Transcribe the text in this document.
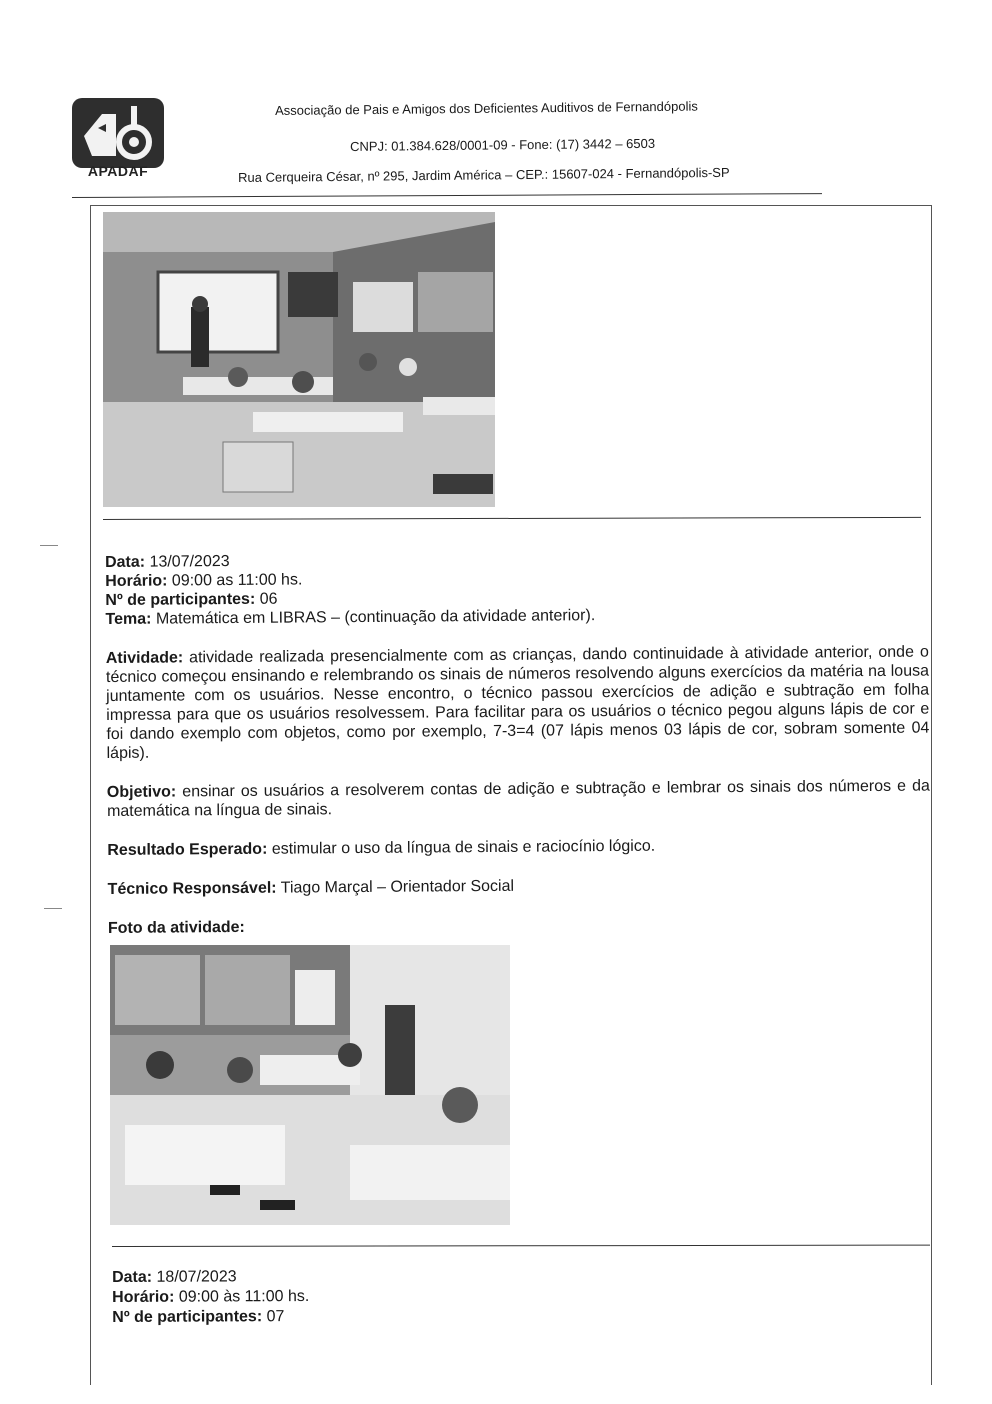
APADAF
Associação de Pais e Amigos dos Deficientes Auditivos de Fernandópolis
CNPJ: 01.384.628/0001-09 - Fone: (17) 3442 – 6503
Rua Cerqueira César, nº 295, Jardim América – CEP.: 15607-024 - Fernandópolis-SP

Data: 13/07/2023

Horário: 09:00 as 11:00 hs.

Nº de participantes: 06

Tema: Matemática em LIBRAS – (continuação da atividade anterior).

Atividade: atividade realizada presencialmente com as crianças, dando continuidade à atividade anterior, onde o técnico começou ensinando e relembrando os sinais de números resolvendo alguns exercícios da matéria na lousa juntamente com os usuários. Nesse encontro, o técnico passou exercícios de adição e subtração em folha impressa para que os usuários resolvessem. Para facilitar para os usuários o técnico pegou alguns lápis de cor e foi dando exemplo com objetos, como por exemplo, 7-3=4 (07 lápis menos 03 lápis de cor, sobram somente 04 lápis).

Objetivo: ensinar os usuários a resolverem contas de adição e subtração e lembrar os sinais dos números e da matemática na língua de sinais.

Resultado Esperado: estimular o uso da língua de sinais e raciocínio lógico.

Técnico Responsável: Tiago Marçal – Orientador Social

Foto da atividade:

Data: 18/07/2023

Horário: 09:00 às 11:00 hs.

Nº de participantes: 07
